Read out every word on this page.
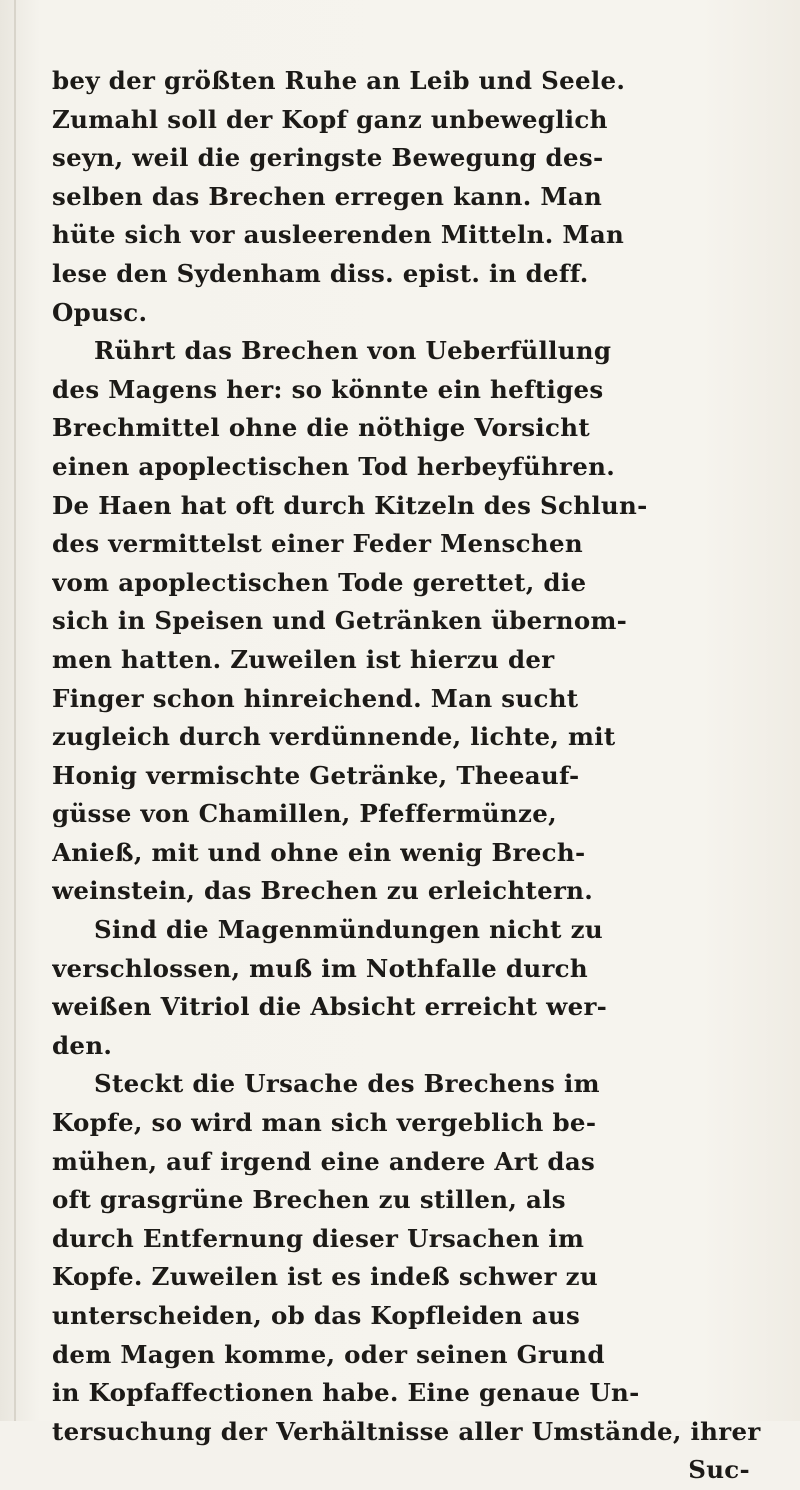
bey der größten Ruhe an Leib und Seele.
Zumahl soll der Kopf ganz unbeweglich
seyn, weil die geringste Bewegung des-
selben das Brechen erregen kann. Man
hüte sich vor ausleerenden Mitteln. Man
lese den Sydenham diss. epist. in deff.
Opusc.
Rührt das Brechen von Ueberfüllung
des Magens her: so könnte ein heftiges
Brechmittel ohne die nöthige Vorsicht
einen apoplectischen Tod herbeyführen.
De Haen hat oft durch Kitzeln des Schlun-
des vermittelst einer Feder Menschen
vom apoplectischen Tode gerettet, die
sich in Speisen und Getränken übernom-
men hatten. Zuweilen ist hierzu der
Finger schon hinreichend. Man sucht
zugleich durch verdünnende, lichte, mit
Honig vermischte Getränke, Theeauf-
güsse von Chamillen, Pfeffermünze,
Anieß, mit und ohne ein wenig Brech-
weinstein, das Brechen zu erleichtern.
Sind die Magenmündungen nicht zu
verschlossen, muß im Nothfalle durch
weißen Vitriol die Absicht erreicht wer-
den.
Steckt die Ursache des Brechens im
Kopfe, so wird man sich vergeblich be-
mühen, auf irgend eine andere Art das
oft grasgrüne Brechen zu stillen, als
durch Entfernung dieser Ursachen im
Kopfe. Zuweilen ist es indeß schwer zu
unterscheiden, ob das Kopfleiden aus
dem Magen komme, oder seinen Grund
in Kopfaffectionen habe. Eine genaue Un-
tersuchung der Verhältnisse aller Umstände, ihrer
Suc-
